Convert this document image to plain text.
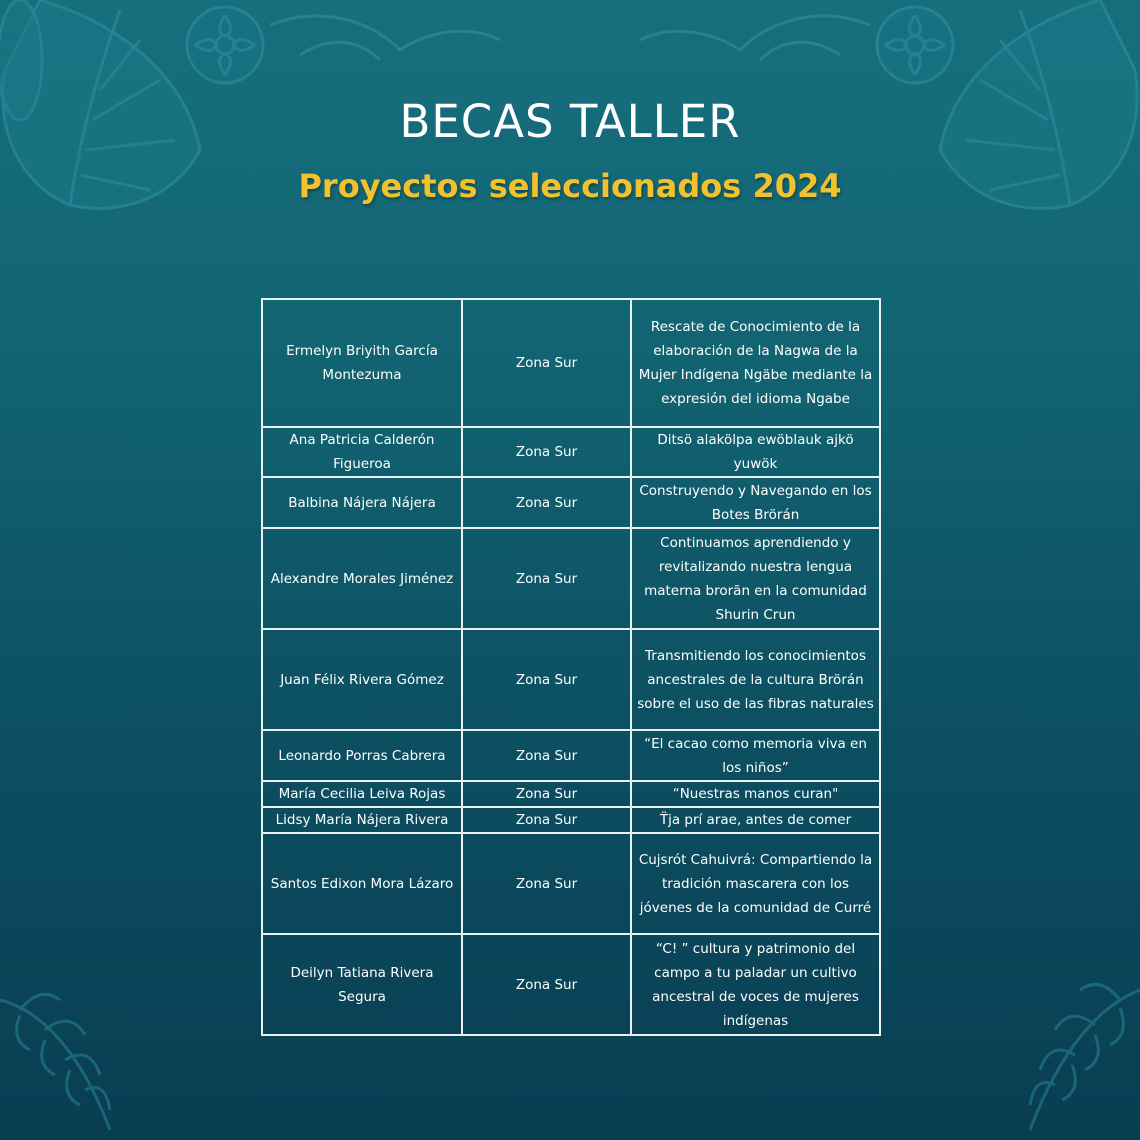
BECAS TALLER
Proyectos seleccionados 2024
Ermelyn Briyith García Montezuma	Zona Sur	Rescate de Conocimiento de la elaboración de la Nagwa de la Mujer Indígena Ngäbe mediante la expresión del idioma Ngabe
Ana Patricia Calderón Figueroa	Zona Sur	Ditsö alakölpa ewöblauk ajkö yuwök
Balbina Nájera Nájera	Zona Sur	Construyendo y Navegando en los Botes Brörán
Alexandre Morales Jiménez	Zona Sur	Continuamos aprendiendo y revitalizando nuestra lengua materna brorãn en la comunidad Shurin Crun
Juan Félix Rivera Gómez	Zona Sur	Transmitiendo los conocimientos ancestrales de la cultura Brörán sobre el uso de las fibras naturales
Leonardo Porras Cabrera	Zona Sur	“El cacao como memoria viva en los niños”
María Cecilia Leiva Rojas	Zona Sur	“Nuestras manos curan"
Lidsy María Nájera Rivera	Zona Sur	T̈ja prí arae, antes de comer
Santos Edixon Mora Lázaro	Zona Sur	Cujsrót Cahuivrá: Compartiendo la tradición mascarera con los jóvenes de la comunidad de Curré
Deilyn Tatiana Rivera Segura	Zona Sur	“C! ” cultura y patrimonio del campo a tu paladar un cultivo ancestral de voces de mujeres indígenas
